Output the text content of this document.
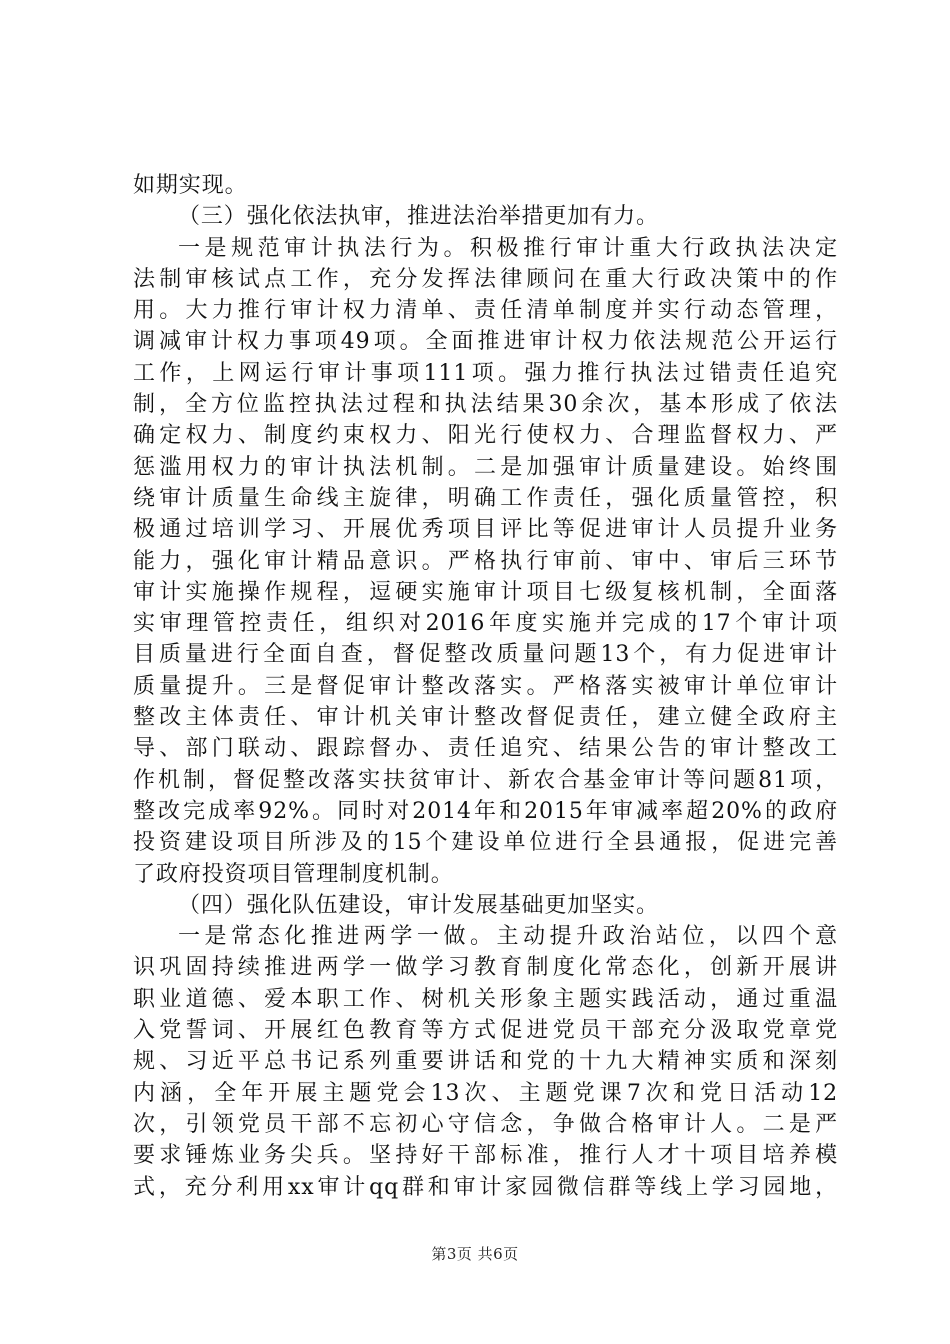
如期实现。
（三）强化依法执审，推进法治举措更加有力。
一是规范审计执法行为。积极推行审计重大行政执法决定
法制审核试点工作，充分发挥法律顾问在重大行政决策中的作
用。大力推行审计权力清单、责任清单制度并实行动态管理，
调减审计权力事项49项。全面推进审计权力依法规范公开运行
工作，上网运行审计事项111项。强力推行执法过错责任追究
制，全方位监控执法过程和执法结果30余次，基本形成了依法
确定权力、制度约束权力、阳光行使权力、合理监督权力、严
惩滥用权力的审计执法机制。二是加强审计质量建设。始终围
绕审计质量生命线主旋律，明确工作责任，强化质量管控，积
极通过培训学习、开展优秀项目评比等促进审计人员提升业务
能力，强化审计精品意识。严格执行审前、审中、审后三环节
审计实施操作规程，逗硬实施审计项目七级复核机制，全面落
实审理管控责任，组织对2016年度实施并完成的17个审计项
目质量进行全面自查，督促整改质量问题13个，有力促进审计
质量提升。三是督促审计整改落实。严格落实被审计单位审计
整改主体责任、审计机关审计整改督促责任，建立健全政府主
导、部门联动、跟踪督办、责任追究、结果公告的审计整改工
作机制，督促整改落实扶贫审计、新农合基金审计等问题81项，
整改完成率92%。同时对2014年和2015年审减率超20%的政府
投资建设项目所涉及的15个建设单位进行全县通报，促进完善
了政府投资项目管理制度机制。
（四）强化队伍建设，审计发展基础更加坚实。
一是常态化推进两学一做。主动提升政治站位，以四个意
识巩固持续推进两学一做学习教育制度化常态化，创新开展讲
职业道德、爱本职工作、树机关形象主题实践活动，通过重温
入党誓词、开展红色教育等方式促进党员干部充分汲取党章党
规、习近平总书记系列重要讲话和党的十九大精神实质和深刻
内涵，全年开展主题党会13次、主题党课7次和党日活动12
次，引领党员干部不忘初心守信念，争做合格审计人。二是严
要求锤炼业务尖兵。坚持好干部标准，推行人才十项目培养模
式，充分利用xx审计qq群和审计家园微信群等线上学习园地，
第3页 共6页
